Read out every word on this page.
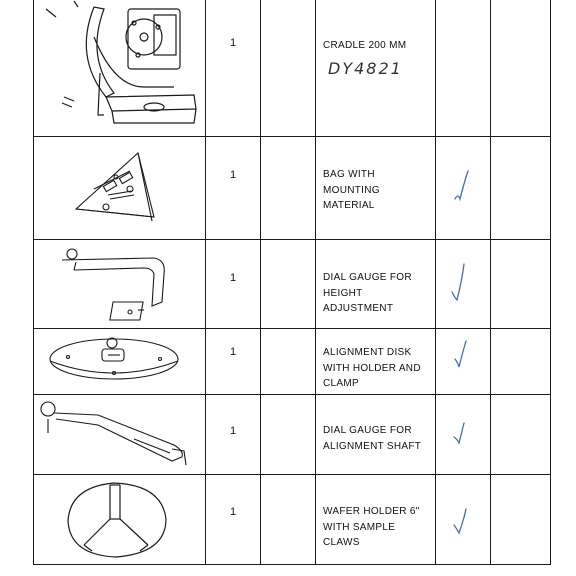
1		CRADLE 200 MM
DY4821		

1		BAG WITH MOUNTING MATERIAL

1		DIAL GAUGE FOR HEIGHT ADJUSTMENT

1		ALIGNMENT DISK WITH HOLDER AND CLAMP

1		DIAL GAUGE FOR ALIGNMENT SHAFT

1		WAFER HOLDER 6" WITH SAMPLE CLAWS
